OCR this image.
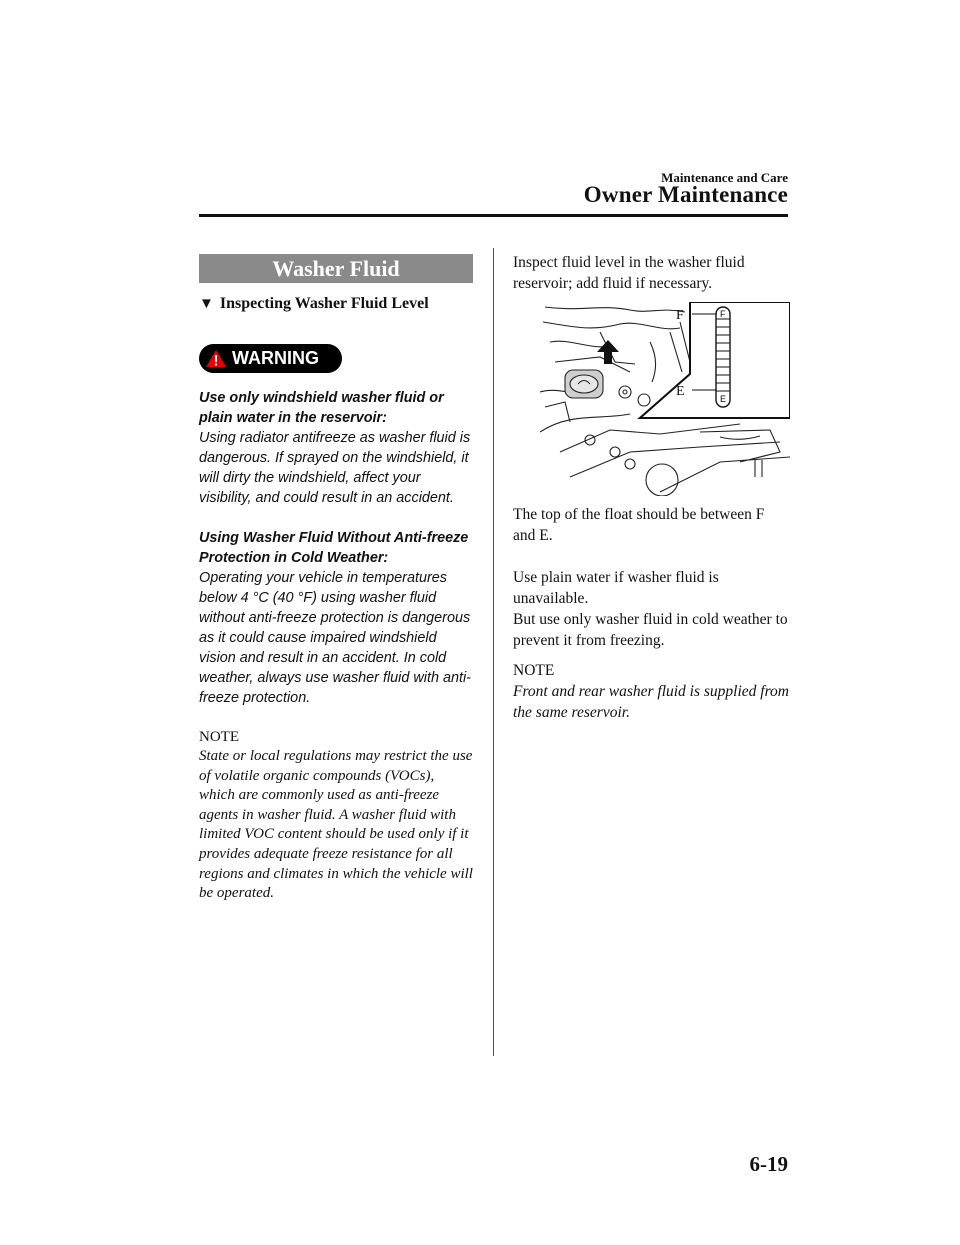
Maintenance and Care
Owner Maintenance
Washer Fluid
▼ Inspecting Washer Fluid Level
WARNING
Use only windshield washer fluid or plain water in the reservoir:
Using radiator antifreeze as washer fluid is dangerous. If sprayed on the windshield, it will dirty the windshield, affect your visibility, and could result in an accident.
Using Washer Fluid Without Anti-freeze Protection in Cold Weather:
Operating your vehicle in temperatures below 4 °C (40 °F) using washer fluid without anti-freeze protection is dangerous as it could cause impaired windshield vision and result in an accident. In cold weather, always use washer fluid with anti-freeze protection.
NOTE
State or local regulations may restrict the use of volatile organic compounds (VOCs), which are commonly used as anti-freeze agents in washer fluid. A washer fluid with limited VOC content should be used only if it provides adequate freeze resistance for all regions and climates in which the vehicle will be operated.

Inspect fluid level in the washer fluid reservoir; add fluid if necessary.

F
E
F
E

The top of the float should be between F and E.

Use plain water if washer fluid is unavailable.

But use only washer fluid in cold weather to prevent it from freezing.

NOTE
Front and rear washer fluid is supplied from the same reservoir.
6-19
